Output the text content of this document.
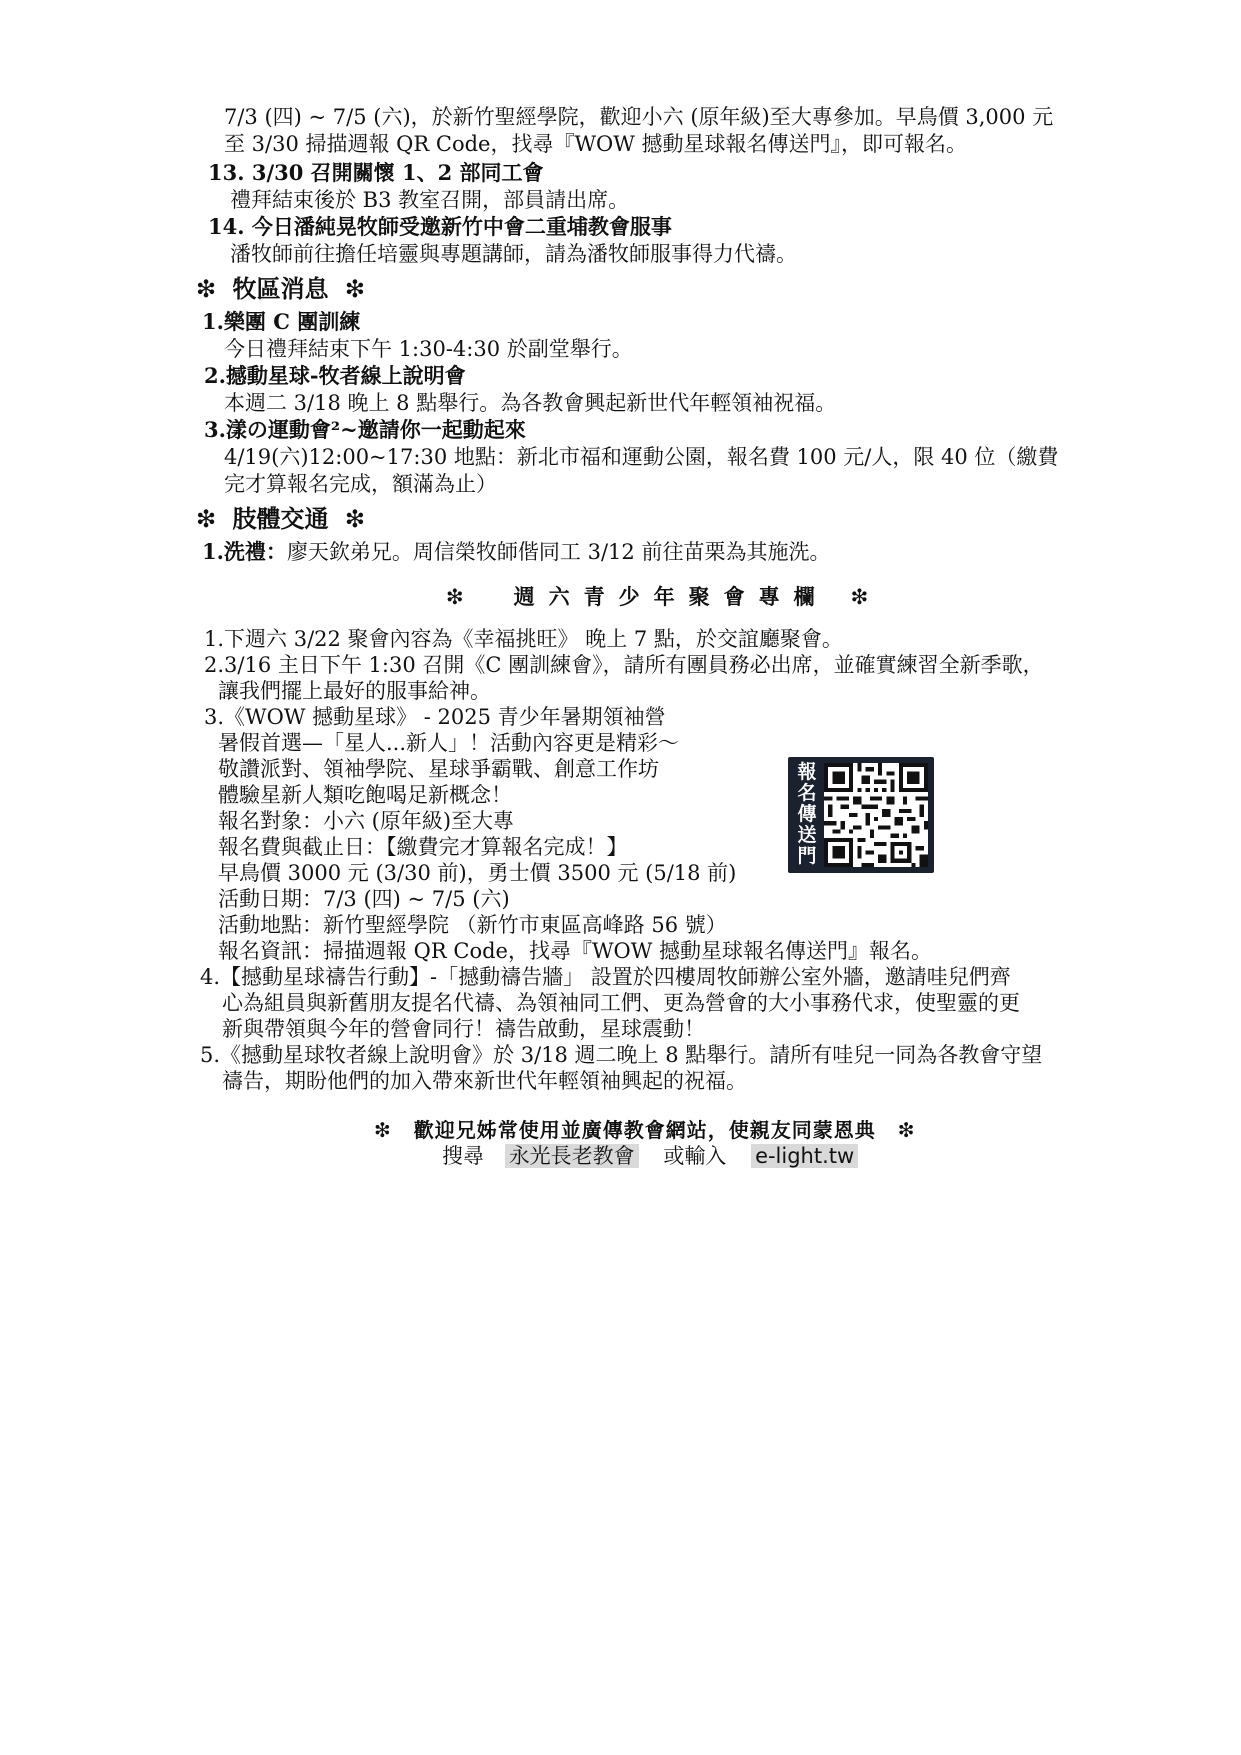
7/3 (四) ~ 7/5 (六)，於新竹聖經學院，歡迎小六 (原年級)至大專參加。早鳥價 3,000 元
至 3/30 掃描週報 QR Code，找尋『WOW 撼動星球報名傳送門』，即可報名。
13. 3/30 召開關懷 1、2 部同工會
禮拜結束後於 B3 教室召開，部員請出席。
14. 今日潘純晃牧師受邀新竹中會二重埔教會服事
潘牧師前往擔任培靈與專題講師，請為潘牧師服事得力代禱。
❇ 牧區消息 ❇
1.樂團 C 團訓練
今日禮拜結束下午 1:30-4:30 於副堂舉行。
2.撼動星球-牧者線上說明會
本週二 3/18 晚上 8 點舉行。為各教會興起新世代年輕領袖祝福。
3.漾の運動會²~邀請你一起動起來
4/19(六)12:00~17:30 地點：新北市福和運動公園，報名費 100 元/人，限 40 位（繳費
完才算報名完成，額滿為止）
❇ 肢體交通 ❇
1.洗禮：廖天欽弟兄。周信榮牧師偕同工 3/12 前往苗栗為其施洗。
❇ 週六青少年聚會專欄 ❇
1.下週六 3/22 聚會內容為《幸福挑旺》 晚上 7 點，於交誼廳聚會。
2.3/16 主日下午 1:30 召開《C 團訓練會》，請所有團員務必出席，並確實練習全新季歌，
讓我們擺上最好的服事給神。
3.《WOW 撼動星球》 - 2025 青少年暑期領袖營
暑假首選—「星人...新人」！活動內容更是精彩～
敬讚派對、領袖學院、星球爭霸戰、創意工作坊
體驗星新人類吃飽喝足新概念！
報名對象：小六 (原年級)至大專
報名費與截止日：【繳費完才算報名完成！】
早鳥價 3000 元 (3/30 前)，勇士價 3500 元 (5/18 前)
活動日期：7/3 (四) ~ 7/5 (六)
活動地點：新竹聖經學院 （新竹市東區高峰路 56 號）
報名資訊：掃描週報 QR Code，找尋『WOW 撼動星球報名傳送門』報名。
4.【撼動星球禱告行動】-「撼動禱告牆」 設置於四樓周牧師辦公室外牆，邀請哇兒們齊
心為組員與新舊朋友提名代禱、為領袖同工們、更為營會的大小事務代求，使聖靈的更
新與帶領與今年的營會同行！禱告啟動，星球震動！
5.《撼動星球牧者線上說明會》於 3/18 週二晚上 8 點舉行。請所有哇兒一同為各教會守望
禱告，期盼他們的加入帶來新世代年輕領袖興起的祝福。
報
名
傳
送
門
❇ 歡迎兄姊常使用並廣傳教會網站，使親友同蒙恩典 ❇
搜尋 永光長老教會 或輸入 e-light.tw
